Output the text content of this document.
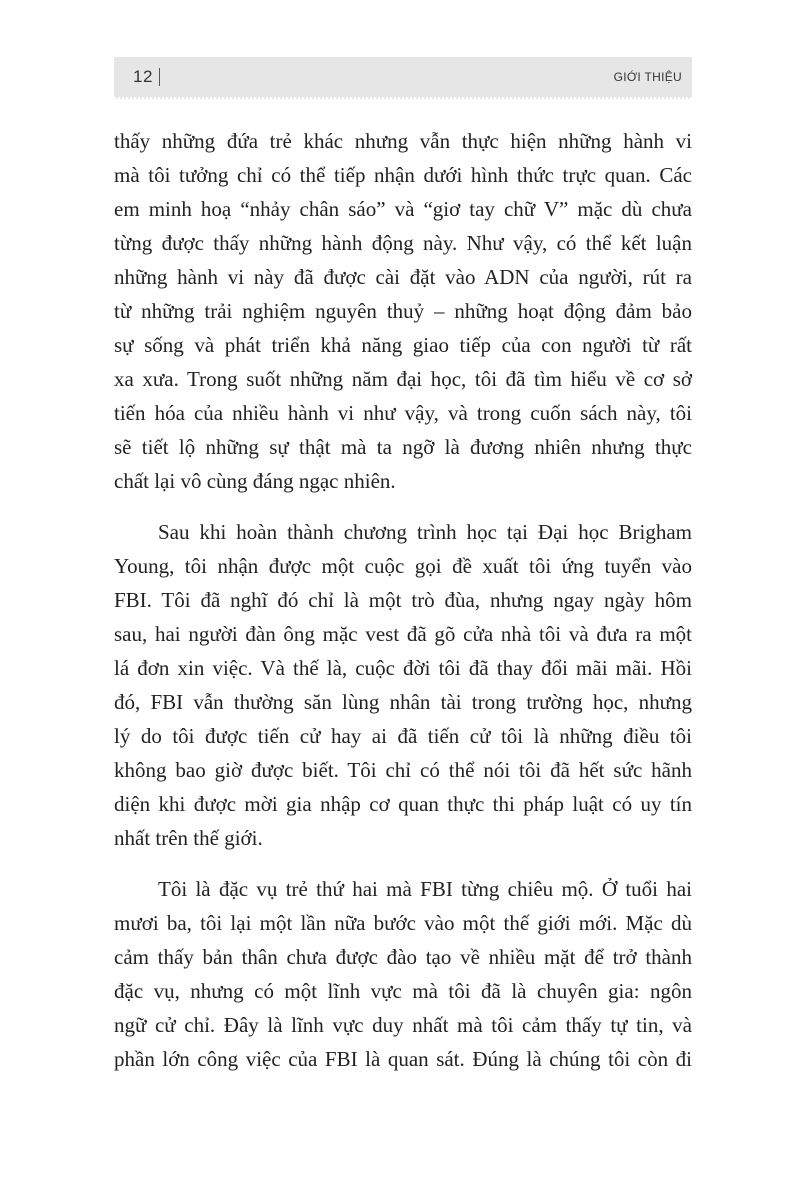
12	GIỚI THIỆU
thấy những đứa trẻ khác nhưng vẫn thực hiện những hành vi
mà tôi tưởng chỉ có thể tiếp nhận dưới hình thức trực quan. Các
em minh hoạ “nhảy chân sáo” và “giơ tay chữ V” mặc dù chưa
từng được thấy những hành động này. Như vậy, có thể kết luận
những hành vi này đã được cài đặt vào ADN của người, rút ra
từ những trải nghiệm nguyên thuỷ – những hoạt động đảm bảo
sự sống và phát triển khả năng giao tiếp của con người từ rất
xa xưa. Trong suốt những năm đại học, tôi đã tìm hiểu về cơ sở
tiến hóa của nhiều hành vi như vậy, và trong cuốn sách này, tôi
sẽ tiết lộ những sự thật mà ta ngỡ là đương nhiên nhưng thực
chất lại vô cùng đáng ngạc nhiên.
Sau khi hoàn thành chương trình học tại Đại học Brigham
Young, tôi nhận được một cuộc gọi đề xuất tôi ứng tuyển vào
FBI. Tôi đã nghĩ đó chỉ là một trò đùa, nhưng ngay ngày hôm
sau, hai người đàn ông mặc vest đã gõ cửa nhà tôi và đưa ra một
lá đơn xin việc. Và thế là, cuộc đời tôi đã thay đổi mãi mãi. Hồi
đó, FBI vẫn thường săn lùng nhân tài trong trường học, nhưng
lý do tôi được tiến cử hay ai đã tiến cử tôi là những điều tôi
không bao giờ được biết. Tôi chỉ có thể nói tôi đã hết sức hãnh
diện khi được mời gia nhập cơ quan thực thi pháp luật có uy tín
nhất trên thế giới.
Tôi là đặc vụ trẻ thứ hai mà FBI từng chiêu mộ. Ở tuổi hai
mươi ba, tôi lại một lần nữa bước vào một thế giới mới. Mặc dù
cảm thấy bản thân chưa được đào tạo về nhiều mặt để trở thành
đặc vụ, nhưng có một lĩnh vực mà tôi đã là chuyên gia: ngôn
ngữ cử chỉ. Đây là lĩnh vực duy nhất mà tôi cảm thấy tự tin, và
phần lớn công việc của FBI là quan sát. Đúng là chúng tôi còn đi
